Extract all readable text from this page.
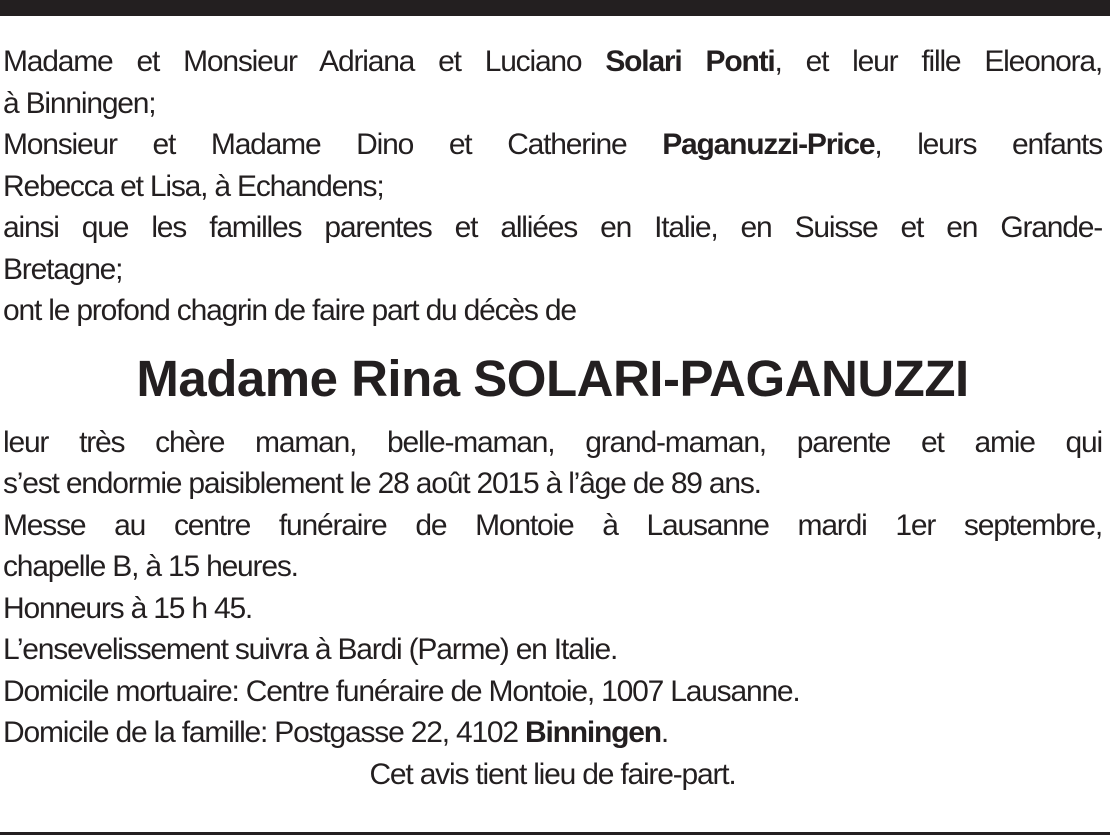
Madame et Monsieur Adriana et Luciano Solari Ponti, et leur fille Eleonora,

à Binningen;

Monsieur et Madame Dino et Catherine Paganuzzi-Price, leurs enfants

Rebecca et Lisa, à Echandens;

ainsi que les familles parentes et alliées en Italie, en Suisse et en Grande-

Bretagne;

ont le profond chagrin de faire part du décès de

Madame Rina SOLARI-PAGANUZZI

leur très chère maman, belle-maman, grand-maman, parente et amie qui

s’est endormie paisiblement le 28 août 2015 à l’âge de 89 ans.

Messe au centre funéraire de Montoie à Lausanne mardi 1er septembre,

chapelle B, à 15 heures.

Honneurs à 15 h 45.

L’ensevelissement suivra à Bardi (Parme) en Italie.

Domicile mortuaire: Centre funéraire de Montoie, 1007 Lausanne.

Domicile de la famille: Postgasse 22, 4102 Binningen.

Cet avis tient lieu de faire-part.
